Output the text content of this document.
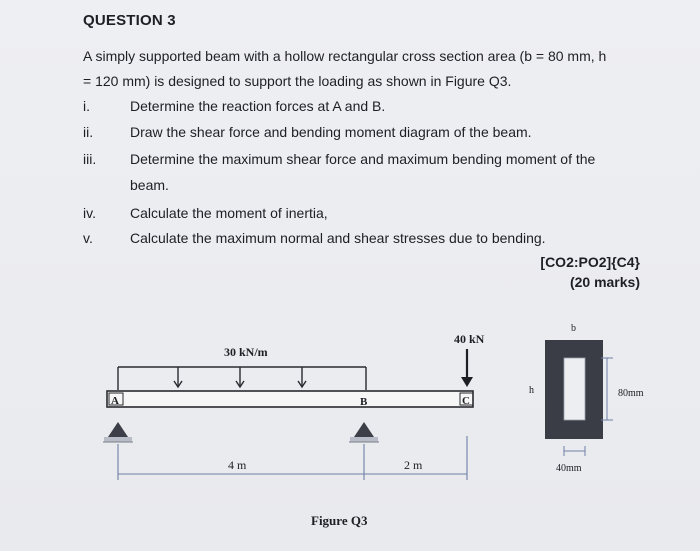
QUESTION 3
A simply supported beam with a hollow rectangular cross section area (b = 80 mm, h
= 120 mm) is designed to support the loading as shown in Figure Q3.
i.	Determine the reaction forces at A and B.
ii.	Draw the shear force and bending moment diagram of the beam.
iii.	Determine the maximum shear force and maximum bending moment of the
beam.
iv.	Calculate the moment of inertia,
v.	Calculate the maximum normal and shear stresses due to bending.
[CO2:PO2]{C4}
(20 marks)
30 kN/m
40 kN
A	B	C
4 m	2 m
Figure Q3
b
h	80mm
40mm
